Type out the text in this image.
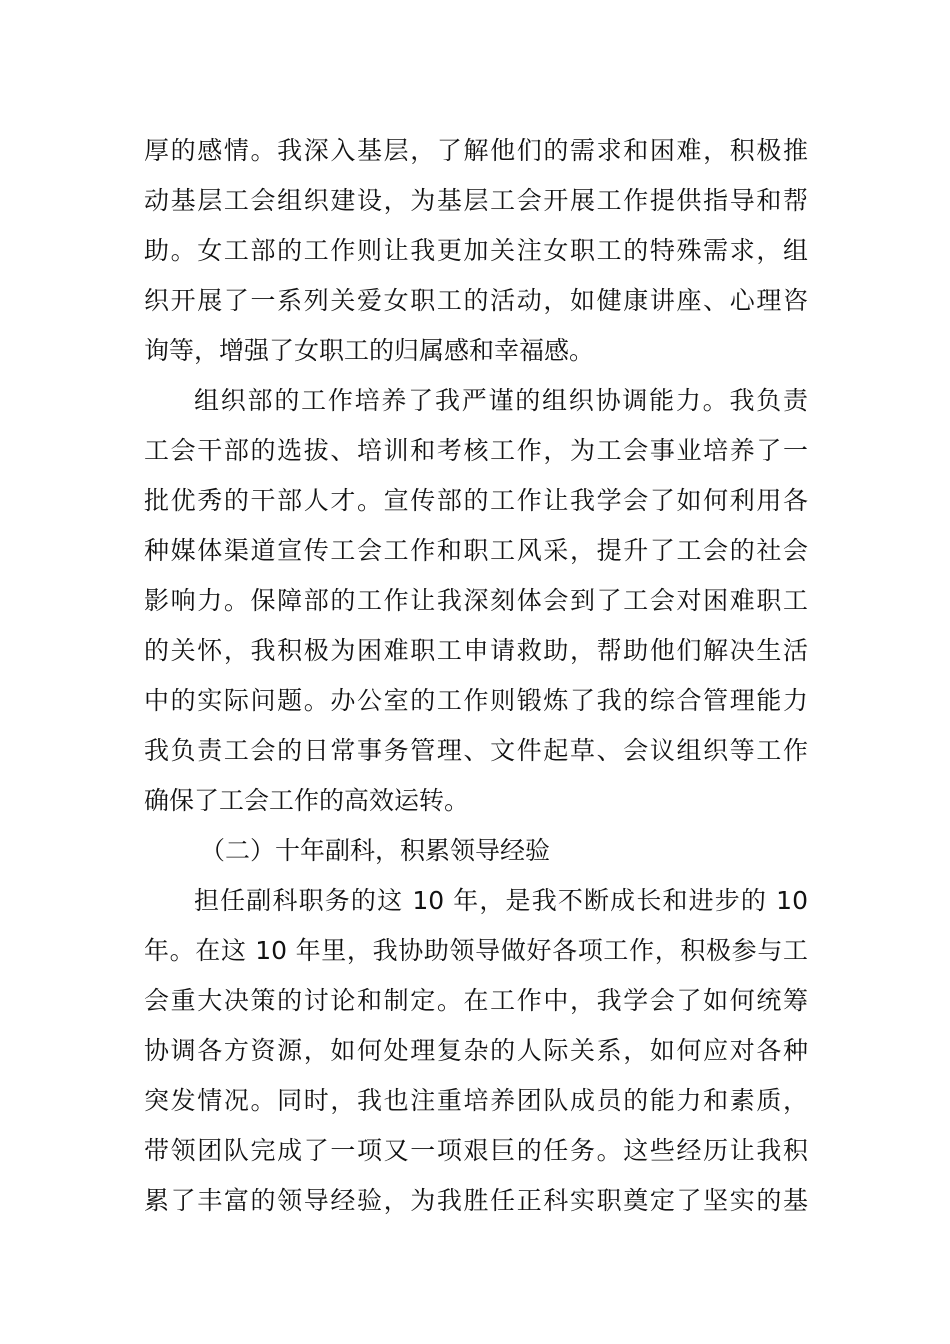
厚的感情。我深入基层，了解他们的需求和困难，积极推
动基层工会组织建设，为基层工会开展工作提供指导和帮
助。女工部的工作则让我更加关注女职工的特殊需求，组
织开展了一系列关爱女职工的活动，如健康讲座、心理咨
询等，增强了女职工的归属感和幸福感。
组织部的工作培养了我严谨的组织协调能力。我负责
工会干部的选拔、培训和考核工作，为工会事业培养了一
批优秀的干部人才。宣传部的工作让我学会了如何利用各
种媒体渠道宣传工会工作和职工风采，提升了工会的社会
影响力。保障部的工作让我深刻体会到了工会对困难职工
的关怀，我积极为困难职工申请救助，帮助他们解决生活
中的实际问题。办公室的工作则锻炼了我的综合管理能力
我负责工会的日常事务管理、文件起草、会议组织等工作
确保了工会工作的高效运转。
（二）十年副科，积累领导经验
担任副科职务的这 10 年，是我不断成长和进步的 10
年。在这 10 年里，我协助领导做好各项工作，积极参与工
会重大决策的讨论和制定。在工作中，我学会了如何统筹
协调各方资源，如何处理复杂的人际关系，如何应对各种
突发情况。同时，我也注重培养团队成员的能力和素质，
带领团队完成了一项又一项艰巨的任务。这些经历让我积
累了丰富的领导经验，为我胜任正科实职奠定了坚实的基
